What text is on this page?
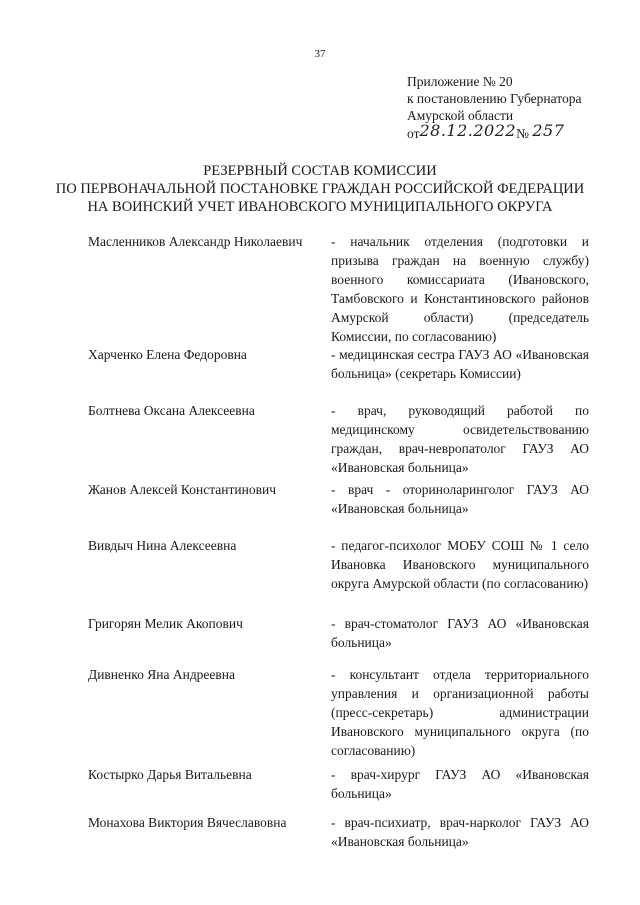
37
Приложение № 20
к постановлению Губернатора
Амурской области
от28.12.2022№ 257
РЕЗЕРВНЫЙ СОСТАВ КОМИССИИ
ПО ПЕРВОНАЧАЛЬНОЙ ПОСТАНОВКЕ ГРАЖДАН РОССИЙСКОЙ ФЕДЕРАЦИИ
НА ВОИНСКИЙ УЧЕТ ИВАНОВСКОГО МУНИЦИПАЛЬНОГО ОКРУГА
Масленников Александр Николаевич	- начальник отделения (подготовки и призыва граждан на военную службу) военного комиссариата (Ивановского, Тамбовского и Константиновского районов Амурской области) (председатель Комиссии, по согласованию)
Харченко Елена Федоровна	- медицинская сестра ГАУЗ АО «Ивановская больница» (секретарь Комиссии)
Болтнева Оксана Алексеевна	- врач, руководящий работой по медицинскому освидетельствованию граждан, врач-невропатолог ГАУЗ АО «Ивановская больница»
Жанов Алексей Константинович	- врач - оториноларинголог ГАУЗ АО «Ивановская больница»
Вивдыч Нина Алексеевна	- педагог-психолог МОБУ СОШ № 1 село Ивановка Ивановского муниципального округа Амурской области (по согласованию)
Григорян Мелик Акопович	- врач-стоматолог ГАУЗ АО «Ивановская больница»
Дивненко Яна Андреевна	- консультант отдела территориального управления и организационной работы (пресс-секретарь) администрации Ивановского муниципального округа (по согласованию)
Костырко Дарья Витальевна	- врач-хирург ГАУЗ АО «Ивановская больница»
Монахова Виктория Вячеславовна	- врач-психиатр, врач-нарколог ГАУЗ АО «Ивановская больница»
